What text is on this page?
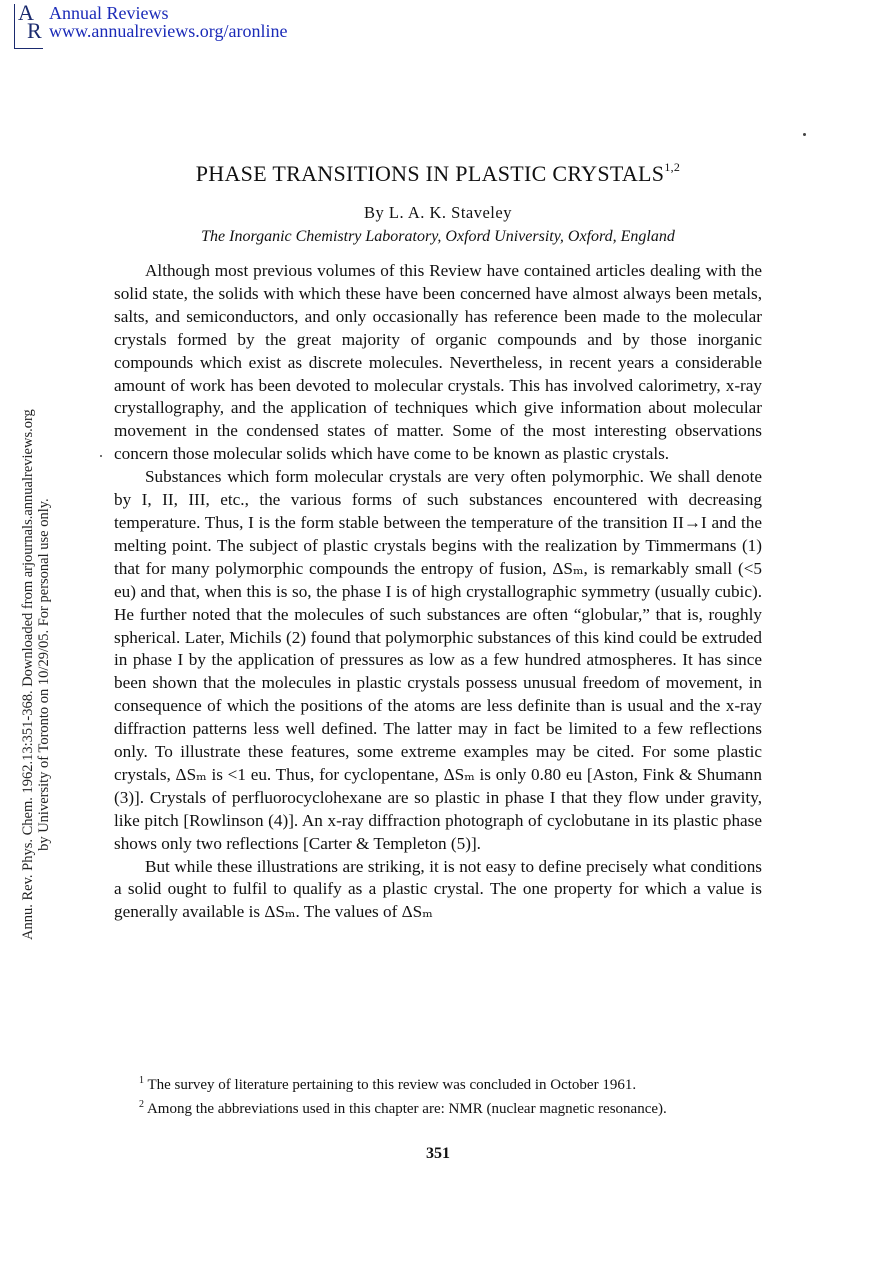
A
R
Annual Reviews
www.annualreviews.org/aronline
Annu. Rev. Phys. Chem. 1962.13:351-368. Downloaded from arjournals.annualreviews.org by University of Toronto on 10/29/05. For personal use only.
PHASE TRANSITIONS IN PLASTIC CRYSTALS$^{1,2}$
By L. A. K. Staveley
The Inorganic Chemistry Laboratory, Oxford University, Oxford, England

Although most previous volumes of this Review have contained articles dealing with the solid state, the solids with which these have been concerned have almost always been metals, salts, and semiconductors, and only occasionally has reference been made to the molecular crystals formed by the great majority of organic compounds and by those inorganic compounds which exist as discrete molecules. Nevertheless, in recent years a considerable amount of work has been devoted to molecular crystals. This has involved calorimetry, x-ray crystallography, and the application of techniques which give information about molecular movement in the condensed states of matter. Some of the most interesting observations concern those molecular solids which have come to be known as plastic crystals.

Substances which form molecular crystals are very often polymorphic. We shall denote by I, II, III, etc., the various forms of such substances encountered with decreasing temperature. Thus, I is the form stable between the temperature of the transition II→I and the melting point. The subject of plastic crystals begins with the realization by Timmermans (1) that for many polymorphic compounds the entropy of fusion, ΔSₘ, is remarkably small (<5 eu) and that, when this is so, the phase I is of high crystallographic symmetry (usually cubic). He further noted that the molecules of such substances are often “globular,” that is, roughly spherical. Later, Michils (2) found that polymorphic substances of this kind could be extruded in phase I by the application of pressures as low as a few hundred atmospheres. It has since been shown that the molecules in plastic crystals possess unusual freedom of movement, in consequence of which the positions of the atoms are less definite than is usual and the x-ray diffraction patterns less well defined. The latter may in fact be limited to a few reflections only. To illustrate these features, some extreme examples may be cited. For some plastic crystals, ΔSₘ is <1 eu. Thus, for cyclopentane, ΔSₘ is only 0.80 eu [Aston, Fink & Shumann (3)]. Crystals of perfluorocyclohexane are so plastic in phase I that they flow under gravity, like pitch [Rowlinson (4)]. An x-ray diffraction photograph of cyclobutane in its plastic phase shows only two reflections [Carter & Templeton (5)].

But while these illustrations are striking, it is not easy to define precisely what conditions a solid ought to fulfil to qualify as a plastic crystal. The one property for which a value is generally available is ΔSₘ. The values of ΔSₘ

$^1$ The survey of literature pertaining to this review was concluded in October 1961.

$^2$ Among the abbreviations used in this chapter are: NMR (nuclear magnetic resonance).

351
